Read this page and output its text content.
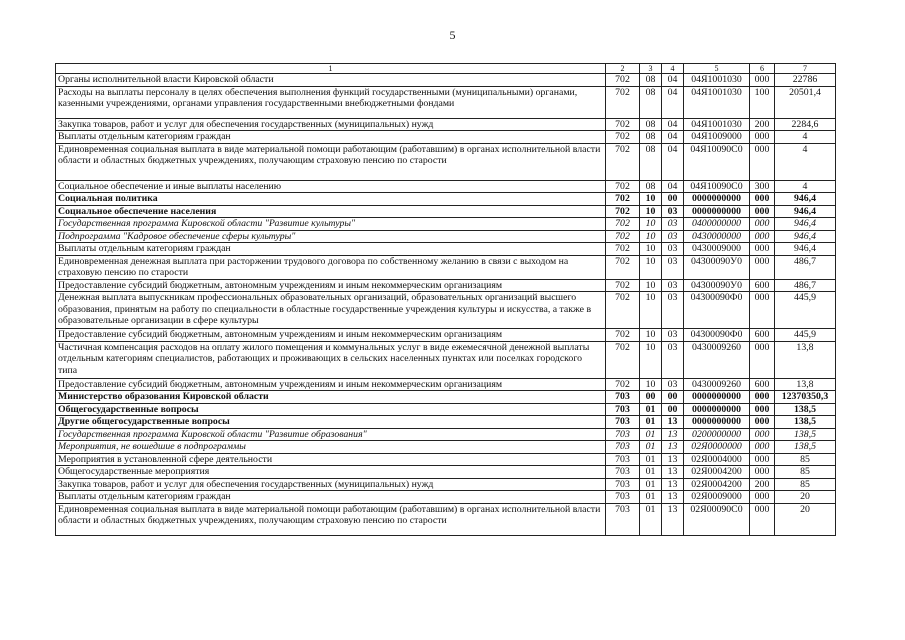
5
1	2	3	4	5	6	7
Органы исполнительной власти Кировской области	702	08	04	04Я1001030	000	22786
Расходы на выплаты персоналу в целях обеспечения выполнения функций государственными (муниципальными) органами, казенными учреждениями, органами управления государственными внебюджетными фондами	702	08	04	04Я1001030	100	20501,4
Закупка товаров, работ и услуг для обеспечения государственных (муниципальных) нужд	702	08	04	04Я1001030	200	2284,6
Выплаты отдельным категориям граждан	702	08	04	04Я1009000	000	4
Единовременная социальная выплата в виде материальной помощи работающим (работавшим) в органах исполнительной власти области и областных бюджетных учреждениях, получающим страховую пенсию по старости	702	08	04	04Я10090С0	000	4
Социальное обеспечение и иные выплаты населению	702	08	04	04Я10090С0	300	4
Социальная политика	702	10	00	0000000000	000	946,4
Социальное обеспечение населения	702	10	03	0000000000	000	946,4
Государственная программа Кировской области "Развитие культуры"	702	10	03	0400000000	000	946,4
Подпрограмма "Кадровое обеспечение сферы культуры"	702	10	03	0430000000	000	946,4
Выплаты отдельным категориям граждан	702	10	03	0430009000	000	946,4
Единовременная денежная выплата при расторжении трудового договора по собственному желанию в связи с выходом на страховую пенсию по старости	702	10	03	04300090У0	000	486,7
Предоставление субсидий бюджетным, автономным учреждениям и иным некоммерческим организациям	702	10	03	04300090У0	600	486,7
Денежная выплата выпускникам профессиональных образовательных организаций, образовательных организаций высшего образования, принятым на работу по специальности в областные государственные учреждения культуры и искусства, а также в образовательные организации в сфере культуры	702	10	03	04300090Ф0	000	445,9
Предоставление субсидий бюджетным, автономным учреждениям и иным некоммерческим организациям	702	10	03	04300090Ф0	600	445,9
Частичная компенсация расходов на оплату жилого помещения и коммунальных услуг в виде ежемесячной денежной выплаты отдельным категориям специалистов, работающих и проживающих в сельских населенных пунктах или поселках городского типа	702	10	03	0430009260	000	13,8
Предоставление субсидий бюджетным, автономным учреждениям и иным некоммерческим организациям	702	10	03	0430009260	600	13,8
Министерство образования Кировской области	703	00	00	0000000000	000	12370350,3
Общегосударственные вопросы	703	01	00	0000000000	000	138,5
Другие общегосударственные вопросы	703	01	13	0000000000	000	138,5
Государственная программа Кировской области "Развитие образования"	703	01	13	0200000000	000	138,5
Мероприятия, не вошедшие в подпрограммы	703	01	13	02Я0000000	000	138,5
Мероприятия в установленной сфере деятельности	703	01	13	02Я0004000	000	85
Общегосударственные мероприятия	703	01	13	02Я0004200	000	85
Закупка товаров, работ и услуг для обеспечения государственных (муниципальных) нужд	703	01	13	02Я0004200	200	85
Выплаты отдельным категориям граждан	703	01	13	02Я0009000	000	20
Единовременная социальная выплата в виде материальной помощи работающим (работавшим) в органах исполнительной власти области и областных бюджетных учреждениях, получающим страховую пенсию по старости	703	01	13	02Я00090С0	000	20
